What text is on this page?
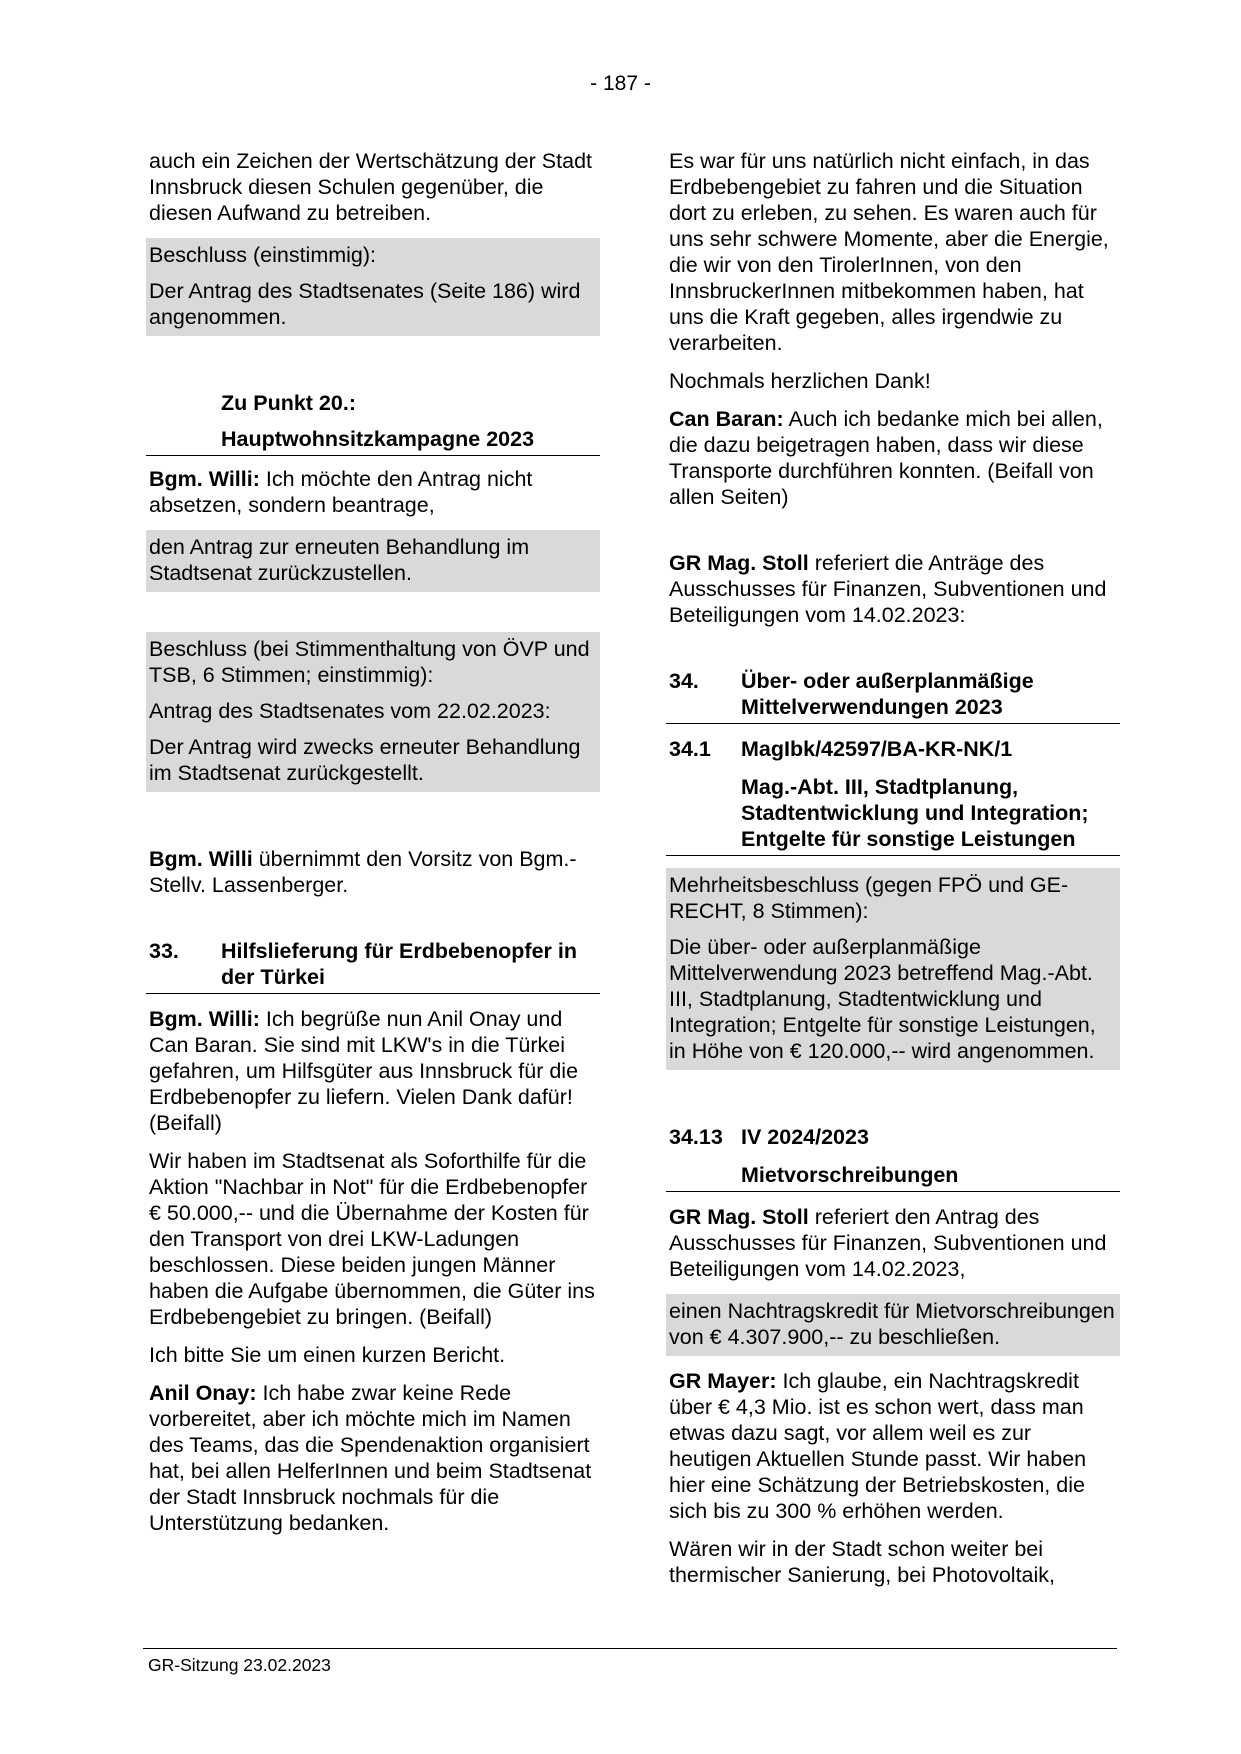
- 187 -

auch ein Zeichen der Wertschätzung der Stadt Innsbruck diesen Schulen gegenüber, die diesen Aufwand zu betreiben.

Beschluss (einstimmig):

Der Antrag des Stadtsenates (Seite 186) wird angenommen.

Zu Punkt 20.:

Hauptwohnsitzkampagne 2023

Bgm. Willi: Ich möchte den Antrag nicht absetzen, sondern beantrage,

den Antrag zur erneuten Behandlung im Stadtsenat zurückzustellen.

Beschluss (bei Stimmenthaltung von ÖVP und TSB, 6 Stimmen; einstimmig):

Antrag des Stadtsenates vom 22.02.2023:

Der Antrag wird zwecks erneuter Behandlung im Stadtsenat zurückgestellt.

Bgm. Willi übernimmt den Vorsitz von Bgm.-Stellv. Lassenberger.

33.	Hilfslieferung für Erdbebenopfer in der Türkei

Bgm. Willi: Ich begrüße nun Anil Onay und Can Baran. Sie sind mit LKW's in die Türkei gefahren, um Hilfsgüter aus Innsbruck für die Erdbebenopfer zu liefern. Vielen Dank dafür! (Beifall)

Wir haben im Stadtsenat als Soforthilfe für die Aktion "Nachbar in Not" für die Erdbebenopfer € 50.000,-- und die Übernahme der Kosten für den Transport von drei LKW-Ladungen beschlossen. Diese beiden jungen Männer haben die Aufgabe übernommen, die Güter ins Erdbebengebiet zu bringen. (Beifall)

Ich bitte Sie um einen kurzen Bericht.

Anil Onay: Ich habe zwar keine Rede vorbereitet, aber ich möchte mich im Namen des Teams, das die Spendenaktion organisiert hat, bei allen HelferInnen und beim Stadtsenat der Stadt Innsbruck nochmals für die Unterstützung bedanken.

Es war für uns natürlich nicht einfach, in das Erdbebengebiet zu fahren und die Situation dort zu erleben, zu sehen. Es waren auch für uns sehr schwere Momente, aber die Energie, die wir von den TirolerInnen, von den InnsbruckerInnen mitbekommen haben, hat uns die Kraft gegeben, alles irgendwie zu verarbeiten.

Nochmals herzlichen Dank!

Can Baran: Auch ich bedanke mich bei allen, die dazu beigetragen haben, dass wir diese Transporte durchführen konnten. (Beifall von allen Seiten)

GR Mag. Stoll referiert die Anträge des Ausschusses für Finanzen, Subventionen und Beteiligungen vom 14.02.2023:

34.	Über- oder außerplanmäßige Mittelverwendungen 2023
34.1	MagIbk/42597/BA-KR-NK/1

Mag.-Abt. III, Stadtplanung, Stadtentwicklung und Integration; Entgelte für sonstige Leistungen

Mehrheitsbeschluss (gegen FPÖ und GE-RECHT, 8 Stimmen):

Die über- oder außerplanmäßige Mittelverwendung 2023 betreffend Mag.-Abt. III, Stadtplanung, Stadtentwicklung und Integration; Entgelte für sonstige Leistungen, in Höhe von € 120.000,-- wird angenommen.

34.13 IV 2024/2023

Mietvorschreibungen

GR Mag. Stoll referiert den Antrag des Ausschusses für Finanzen, Subventionen und Beteiligungen vom 14.02.2023,

einen Nachtragskredit für Mietvorschreibungen von € 4.307.900,-- zu beschließen.

GR Mayer: Ich glaube, ein Nachtragskredit über € 4,3 Mio. ist es schon wert, dass man etwas dazu sagt, vor allem weil es zur heutigen Aktuellen Stunde passt. Wir haben hier eine Schätzung der Betriebskosten, die sich bis zu 300 % erhöhen werden.

Wären wir in der Stadt schon weiter bei thermischer Sanierung, bei Photovoltaik,

GR-Sitzung 23.02.2023
